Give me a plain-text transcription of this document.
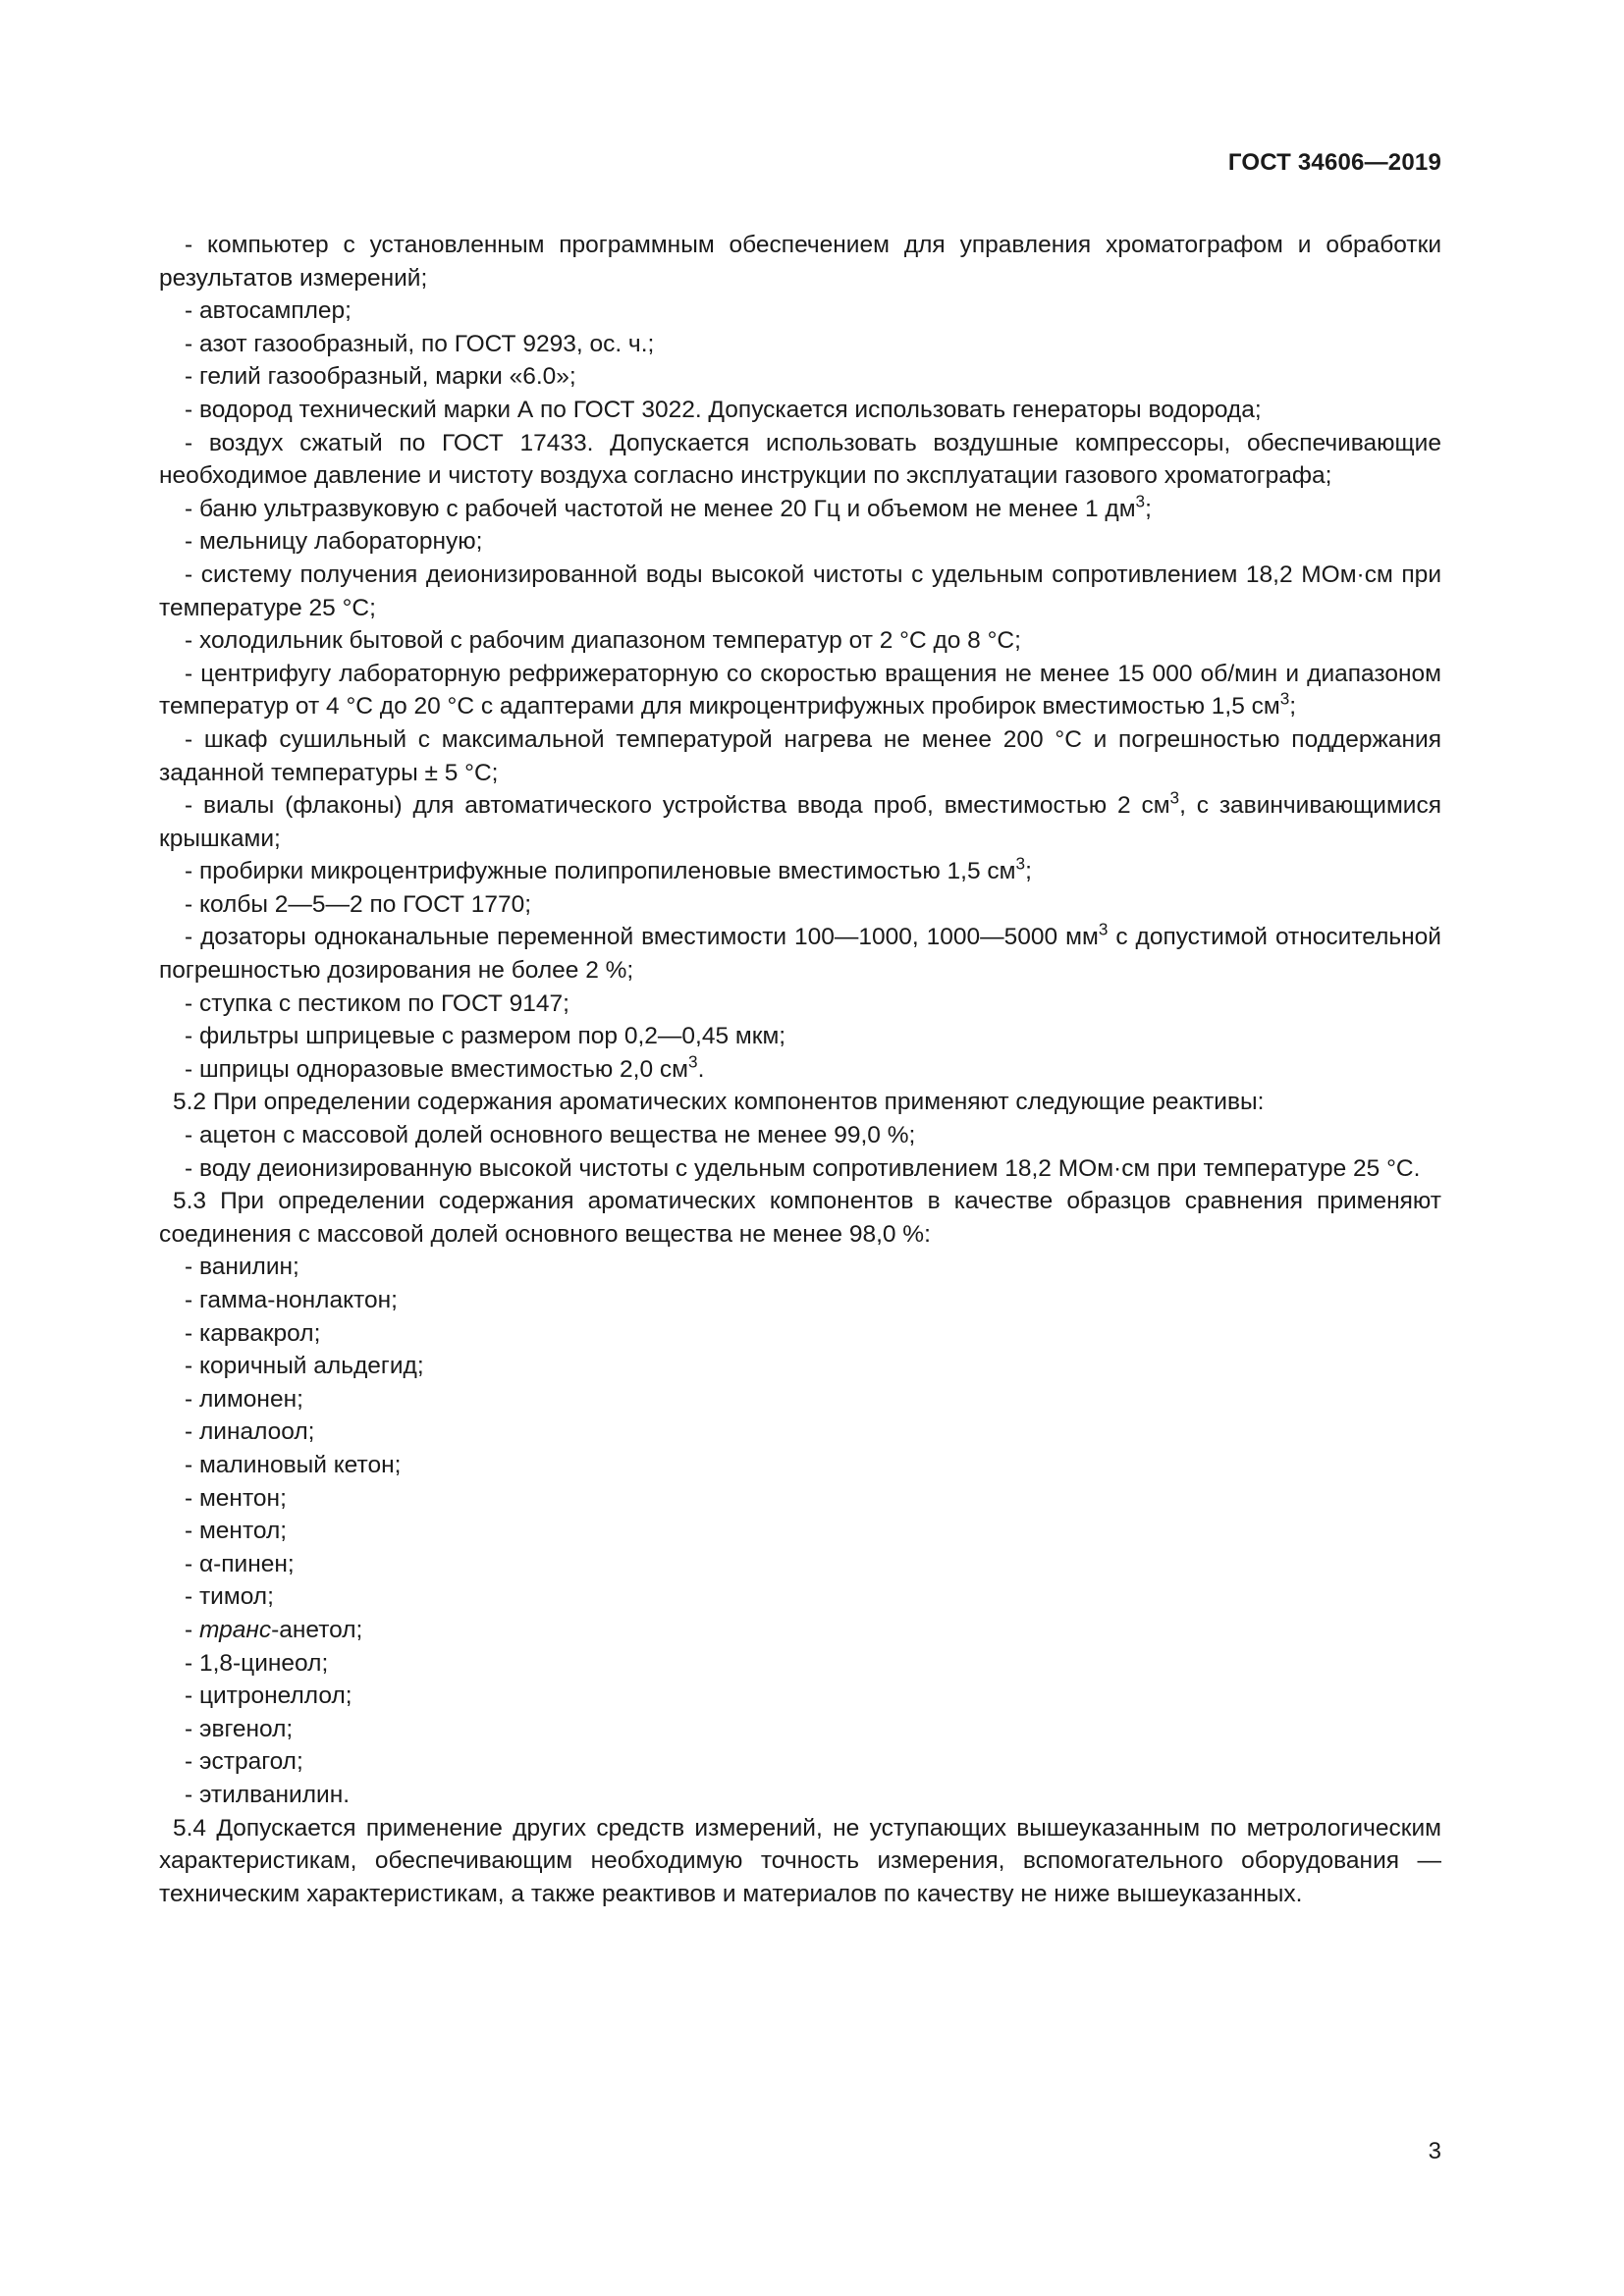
ГОСТ 34606—2019

- компьютер с установленным программным обеспечением для управления хроматографом и обработки результатов измерений;

- автосамплер;

- азот газообразный, по ГОСТ 9293, ос. ч.;

- гелий газообразный, марки «6.0»;

- водород технический марки А по ГОСТ 3022. Допускается использовать генераторы водорода;

- воздух сжатый по ГОСТ 17433. Допускается использовать воздушные компрессоры, обеспечивающие необходимое давление и чистоту воздуха согласно инструкции по эксплуатации газового хроматографа;

- баню ультразвуковую с рабочей частотой не менее 20 Гц и объемом не менее 1 $дм^3$;

- мельницу лабораторную;

- систему получения деионизированной воды высокой чистоты с удельным сопротивлением 18,2 МОм·см при температуре 25 °С;

- холодильник бытовой с рабочим диапазоном температур от 2 °С до 8 °С;

- центрифугу лабораторную рефрижераторную со скоростью вращения не менее 15 000 об/мин и диапазоном температур от 4 °С до 20 °С с адаптерами для микроцентрифужных пробирок вместимостью 1,5 $см^3$;

- шкаф сушильный с максимальной температурой нагрева не менее 200 °С и погрешностью поддержания заданной температуры ± 5 °С;

- виалы (флаконы) для автоматического устройства ввода проб, вместимостью 2 $см^3$, с завинчивающимися крышками;

- пробирки микроцентрифужные полипропиленовые вместимостью 1,5 $см^3$;

- колбы 2—5—2 по ГОСТ 1770;

- дозаторы одноканальные переменной вместимости 100—1000, 1000—5000 $мм^3$ с допустимой относительной погрешностью дозирования не более 2 %;

- ступка с пестиком по ГОСТ 9147;

- фильтры шприцевые с размером пор 0,2—0,45 мкм;

- шприцы одноразовые вместимостью 2,0 $см^3$.

5.2 При определении содержания ароматических компонентов применяют следующие реактивы:

- ацетон с массовой долей основного вещества не менее 99,0 %;

- воду деионизированную высокой чистоты с удельным сопротивлением 18,2 МОм·см при температуре 25 °С.

5.3 При определении содержания ароматических компонентов в качестве образцов сравнения применяют соединения с массовой долей основного вещества не менее 98,0 %:

- ванилин;

- гамма-нонлактон;

- карвакрол;

- коричный альдегид;

- лимонен;

- линалоол;

- малиновый кетон;

- ментон;

- ментол;

- α-пинен;

- тимол;

- транс-анетол;

- 1,8-цинеол;

- цитронеллол;

- эвгенол;

- эстрагол;

- этилванилин.

5.4 Допускается применение других средств измерений, не уступающих вышеуказанным по метрологическим характеристикам, обеспечивающим необходимую точность измерения, вспомогательного оборудования — техническим характеристикам, а также реактивов и материалов по качеству не ниже вышеуказанных.

3
